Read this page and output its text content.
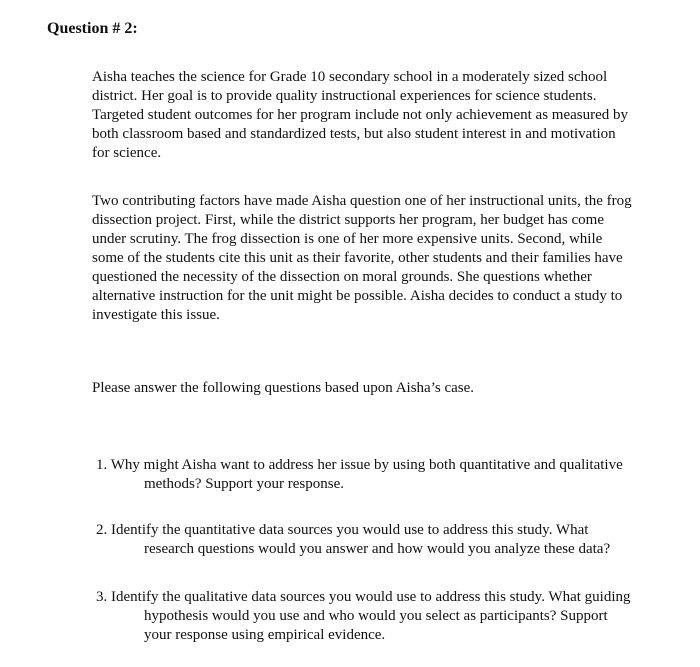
Question # 2:
Aisha teaches the science for Grade 10 secondary school in a moderately sized school
district. Her goal is to provide quality instructional experiences for science students.
Targeted student outcomes for her program include not only achievement as measured by
both classroom based and standardized tests, but also student interest in and motivation
for science.
Two contributing factors have made Aisha question one of her instructional units, the frog
dissection project. First, while the district supports her program, her budget has come
under scrutiny. The frog dissection is one of her more expensive units. Second, while
some of the students cite this unit as their favorite, other students and their families have
questioned the necessity of the dissection on moral grounds. She questions whether
alternative instruction for the unit might be possible. Aisha decides to conduct a study to
investigate this issue.
Please answer the following questions based upon Aisha’s case.
1. Why might Aisha want to address her issue by using both quantitative and qualitative
methods? Support your response.
2. Identify the quantitative data sources you would use to address this study. What
research questions would you answer and how would you analyze these data?
3. Identify the qualitative data sources you would use to address this study. What guiding
hypothesis would you use and who would you select as participants? Support
your response using empirical evidence.
